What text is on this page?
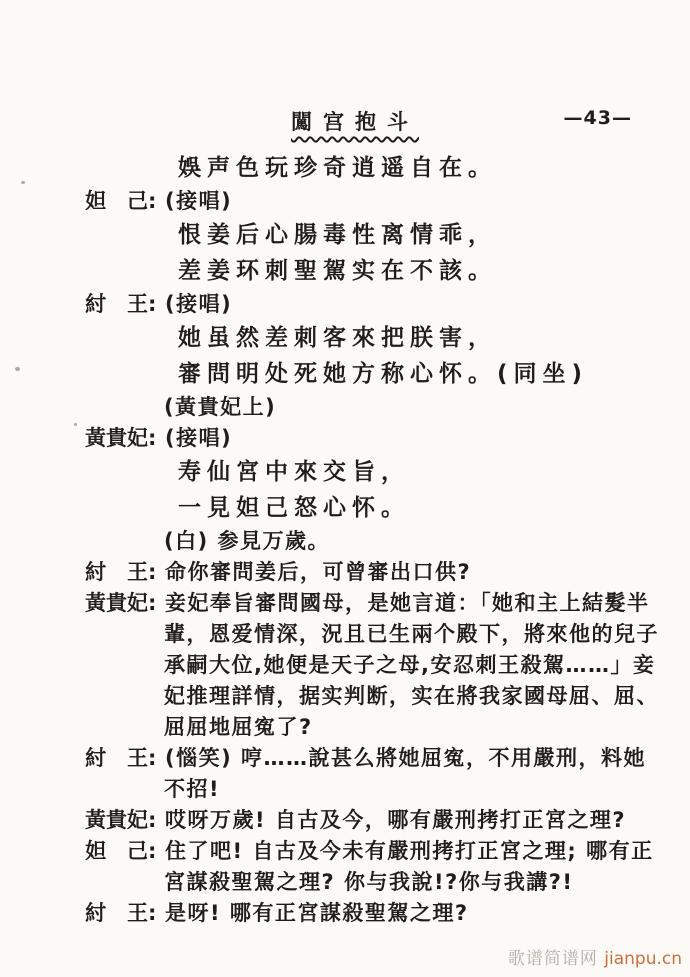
闖宫抱斗	—43—
娛声色玩珍奇逍遥自在。
妲　己: (接唱)
恨姜后心腸毒性离情乖，
差姜环刺聖駕实在不該。
紂　王: (接唱)
她虽然差刺客來把朕害，
審問明处死她方称心怀。(同坐)
(黃貴妃上)
黃貴妃: (接唱)
寿仙宮中來交旨，
一見妲己怒心怀。
(白) 参見万歲。
紂　王: 命你審問姜后，可曾審出口供?
黃貴妃: 妾妃奉旨審問國母，是她言道：「她和主上結髮半
輩，恩爱情深，況且已生兩个殿下，將來他的兒子
承嗣大位,她便是天子之母,安忍刺王殺駕……」妾
妃推理詳情，据实判断，实在將我家國母屈、屈、
屈屈地屈寃了?
紂　王: (惱笑) 哼……說甚么將她屈寃，不用嚴刑，料她
不招!
黃貴妃: 哎呀万歲! 自古及今，哪有嚴刑拷打正宮之理?
妲　己: 住了吧! 自古及今未有嚴刑拷打正宮之理; 哪有正
宮謀殺聖駕之理? 你与我說!?你与我講?!
紂　王: 是呀! 哪有正宮謀殺聖駕之理?
歌谱简谱网 jianpu.cn
